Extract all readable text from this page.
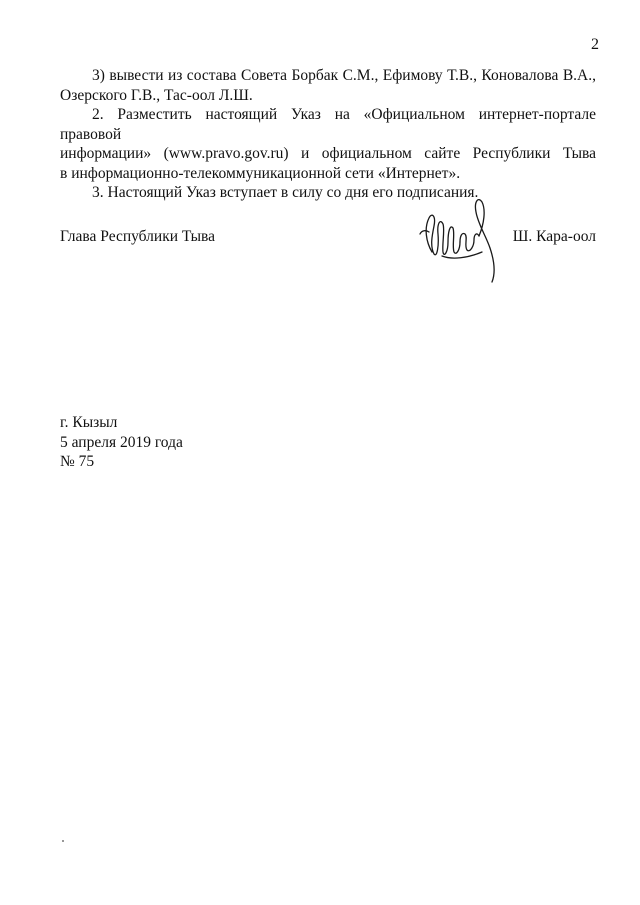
2

3) вывести из состава Совета Борбак С.М., Ефимову Т.В., Коновалова В.А.,

Озерского Г.В., Тас-оол Л.Ш.

2. Разместить настоящий Указ на «Официальном интернет-портале правовой

информации» (www.pravo.gov.ru) и официальном сайте Республики Тыва

в информационно-телекоммуникационной сети «Интернет».

3. Настоящий Указ вступает в силу со дня его подписания.

Глава Республики Тыва	Ш. Кара-оол
г. Кызыл
5 апреля 2019 года
№ 75
